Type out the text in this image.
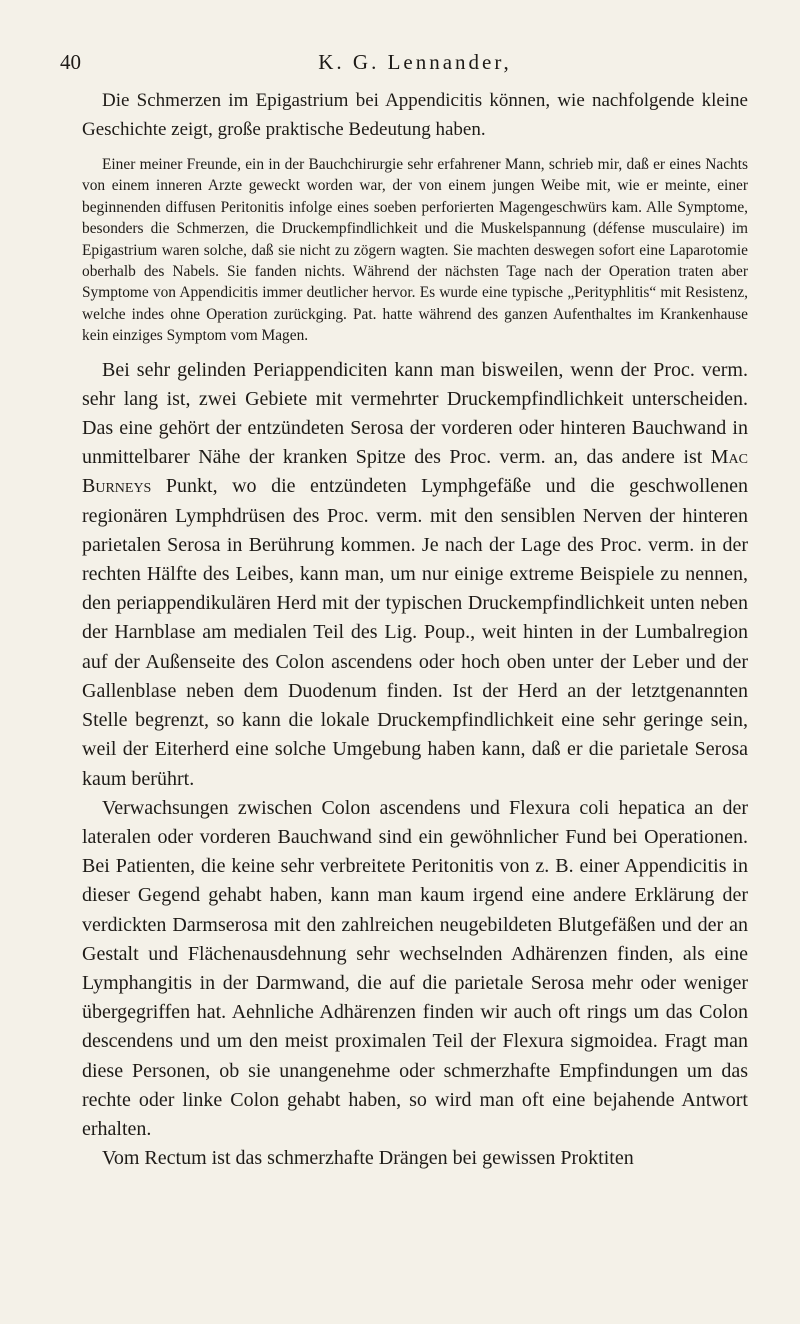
40	K. G. Lennander,

Die Schmerzen im Epigastrium bei Appendicitis können, wie nachfolgende kleine Geschichte zeigt, große praktische Bedeutung haben.

Einer meiner Freunde, ein in der Bauchchirurgie sehr erfahrener Mann, schrieb mir, daß er eines Nachts von einem inneren Arzte geweckt worden war, der von einem jungen Weibe mit, wie er meinte, einer beginnenden diffusen Peritonitis infolge eines soeben perforierten Magengeschwürs kam. Alle Symptome, besonders die Schmerzen, die Druckempfindlichkeit und die Muskelspannung (défense musculaire) im Epigastrium waren solche, daß sie nicht zu zögern wagten. Sie machten deswegen sofort eine Laparotomie oberhalb des Nabels. Sie fanden nichts. Während der nächsten Tage nach der Operation traten aber Symptome von Appendicitis immer deutlicher hervor. Es wurde eine typische „Perityphlitis“ mit Resistenz, welche indes ohne Operation zurückging. Pat. hatte während des ganzen Aufenthaltes im Krankenhause kein einziges Symptom vom Magen.

Bei sehr gelinden Periappendiciten kann man bisweilen, wenn der Proc. verm. sehr lang ist, zwei Gebiete mit vermehrter Druckempfindlichkeit unterscheiden. Das eine gehört der entzündeten Serosa der vorderen oder hinteren Bauchwand in unmittelbarer Nähe der kranken Spitze des Proc. verm. an, das andere ist Mac Burneys Punkt, wo die entzündeten Lymphgefäße und die geschwollenen regionären Lymphdrüsen des Proc. verm. mit den sensiblen Nerven der hinteren parietalen Serosa in Berührung kommen. Je nach der Lage des Proc. verm. in der rechten Hälfte des Leibes, kann man, um nur einige extreme Beispiele zu nennen, den periappendikulären Herd mit der typischen Druckempfindlichkeit unten neben der Harnblase am medialen Teil des Lig. Poup., weit hinten in der Lumbalregion auf der Außenseite des Colon ascendens oder hoch oben unter der Leber und der Gallenblase neben dem Duodenum finden. Ist der Herd an der letztgenannten Stelle begrenzt, so kann die lokale Druckempfindlichkeit eine sehr geringe sein, weil der Eiterherd eine solche Umgebung haben kann, daß er die parietale Serosa kaum berührt.

Verwachsungen zwischen Colon ascendens und Flexura coli hepatica an der lateralen oder vorderen Bauchwand sind ein gewöhnlicher Fund bei Operationen. Bei Patienten, die keine sehr verbreitete Peritonitis von z. B. einer Appendicitis in dieser Gegend gehabt haben, kann man kaum irgend eine andere Erklärung der verdickten Darmserosa mit den zahlreichen neugebildeten Blutgefäßen und der an Gestalt und Flächenausdehnung sehr wechselnden Adhärenzen finden, als eine Lymphangitis in der Darmwand, die auf die parietale Serosa mehr oder weniger übergegriffen hat. Aehnliche Adhärenzen finden wir auch oft rings um das Colon descendens und um den meist proximalen Teil der Flexura sigmoidea. Fragt man diese Personen, ob sie unangenehme oder schmerzhafte Empfindungen um das rechte oder linke Colon gehabt haben, so wird man oft eine bejahende Antwort erhalten.

Vom Rectum ist das schmerzhafte Drängen bei gewissen Proktiten
